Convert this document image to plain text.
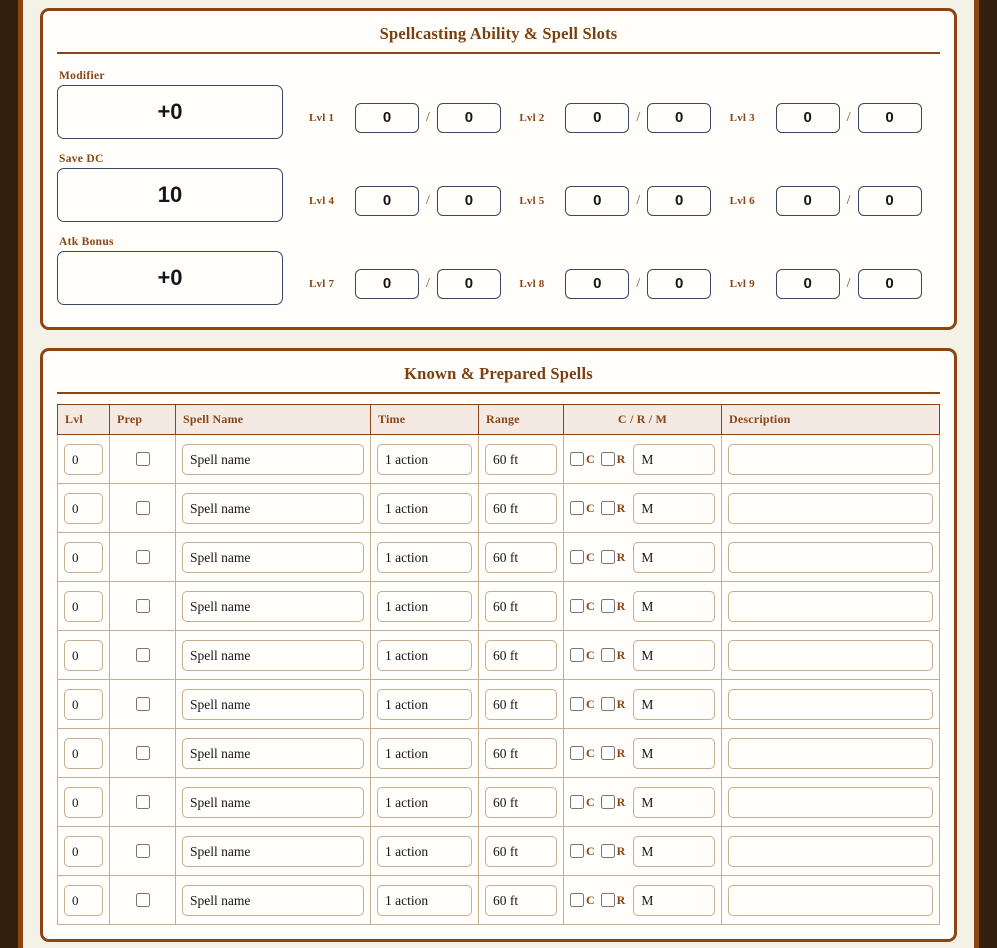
Spellcasting Ability & Spell Slots
Modifier
+0	Lvl 1	0	/	0	Lvl 2	0	/	0	Lvl 3	0	/	0
Save DC
10	Lvl 4	0	/	0	Lvl 5	0	/	0	Lvl 6	0	/	0
Atk Bonus
+0	Lvl 7	0	/	0	Lvl 8	0	/	0	Lvl 9	0	/	0
Known & Prepared Spells
Lvl	Prep	Spell Name	Time	Range	C / R / M	Description

0		Spell name	1 action	60 ft	C R M	

0		Spell name	1 action	60 ft	C R M	

0		Spell name	1 action	60 ft	C R M	

0		Spell name	1 action	60 ft	C R M	

0		Spell name	1 action	60 ft	C R M	

0		Spell name	1 action	60 ft	C R M	

0		Spell name	1 action	60 ft	C R M	

0		Spell name	1 action	60 ft	C R M	

0		Spell name	1 action	60 ft	C R M	

0		Spell name	1 action	60 ft	C R M	
